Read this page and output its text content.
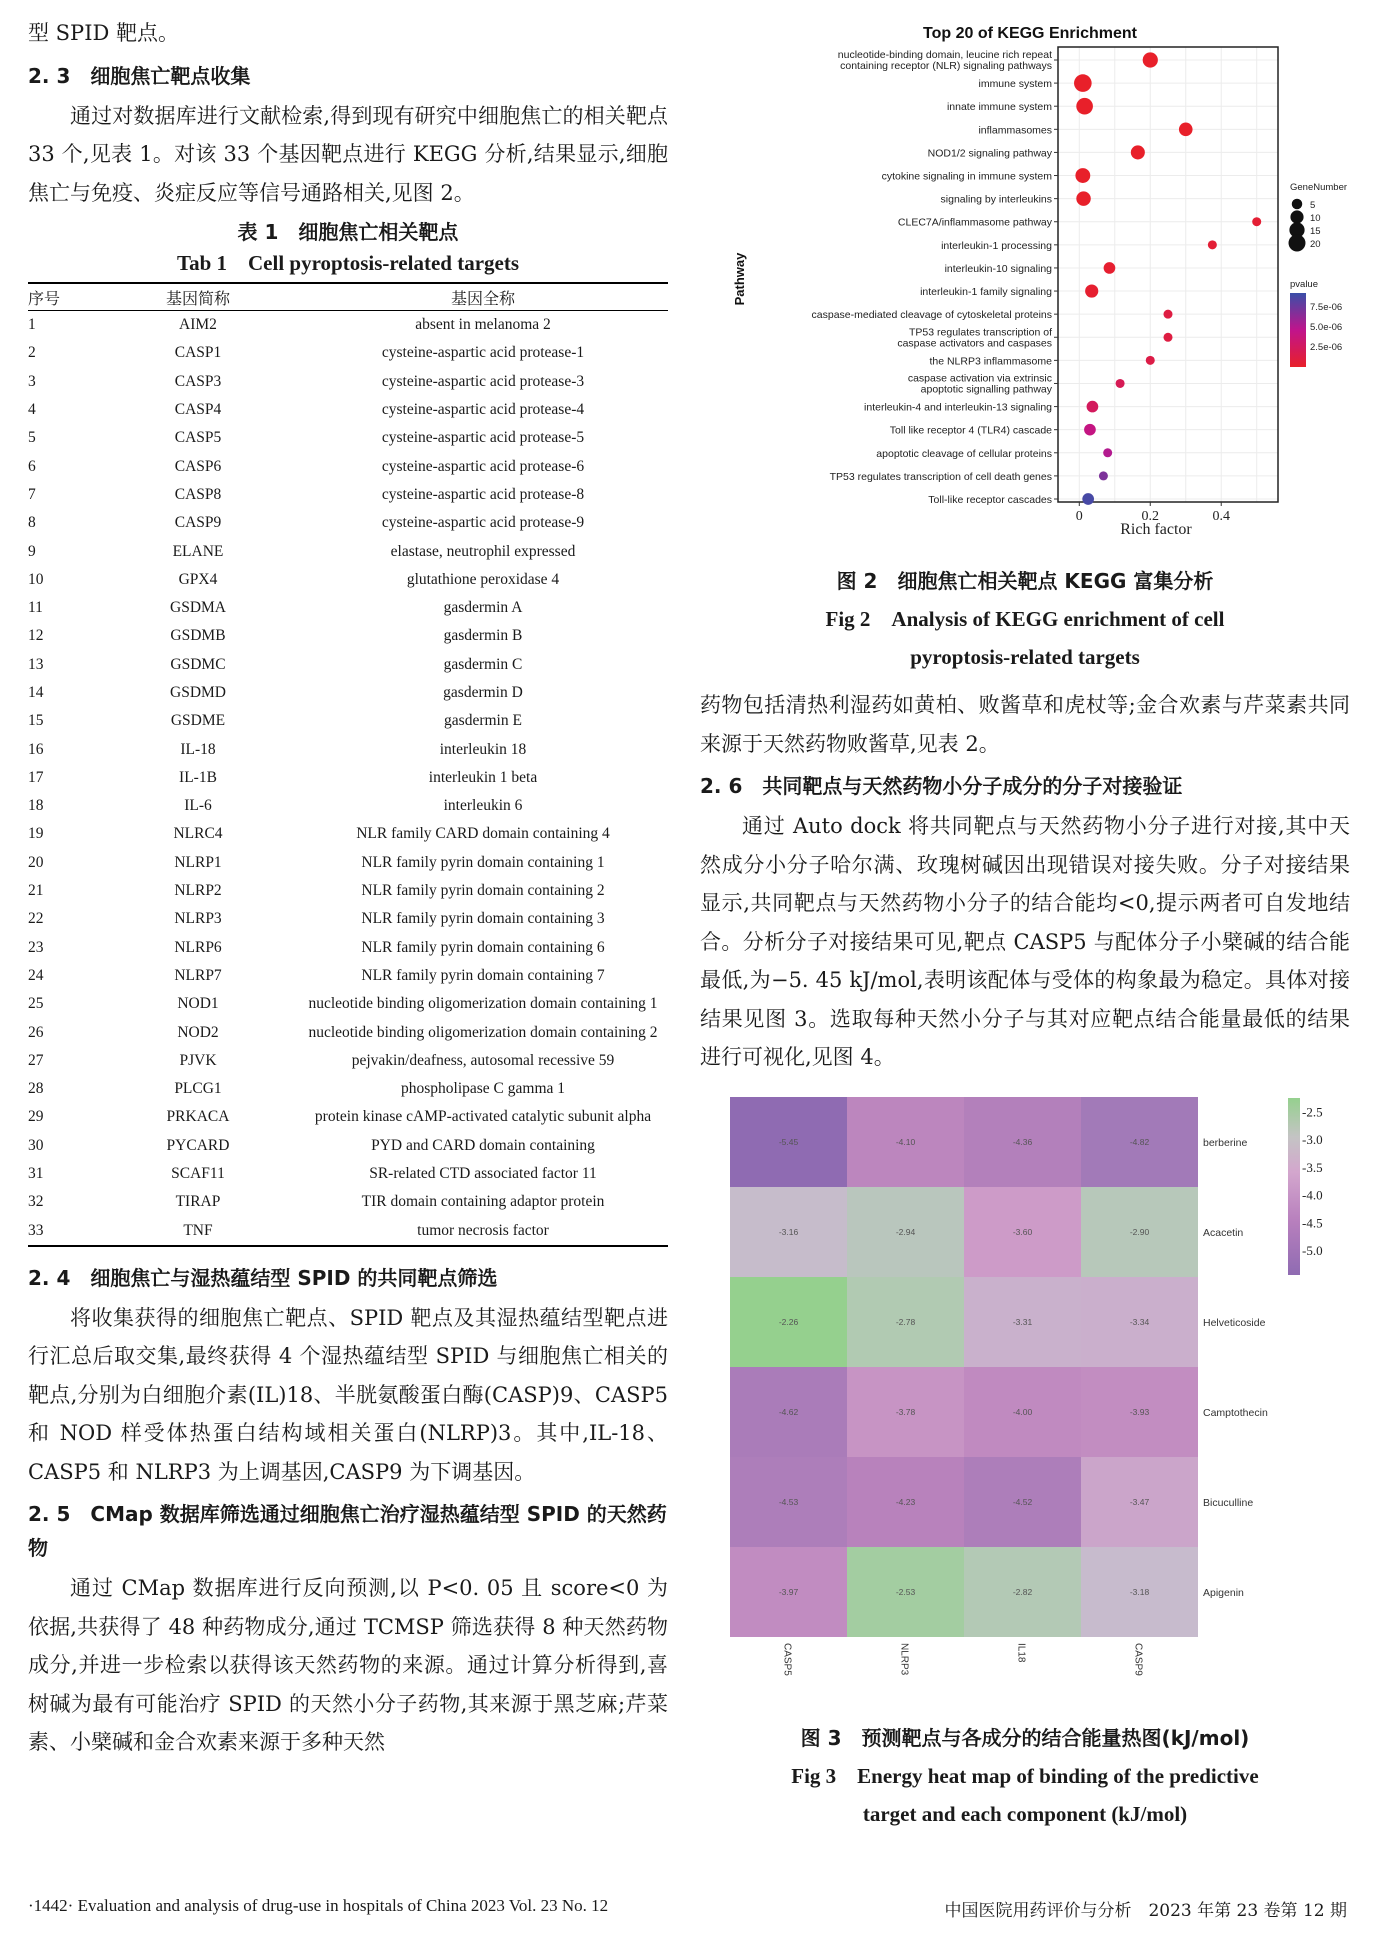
型 SPID 靶点。

2. 3　细胞焦亡靶点收集

通过对数据库进行文献检索,得到现有研究中细胞焦亡的相关靶点 33 个,见表 1。对该 33 个基因靶点进行 KEGG 分析,结果显示,细胞焦亡与免疫、炎症反应等信号通路相关,见图 2。

表 1　细胞焦亡相关靶点
Tab 1　Cell pyroptosis-related targets
序号	基因简称	基因全称
1	AIM2	absent in melanoma 2
2	CASP1	cysteine-aspartic acid protease-1
3	CASP3	cysteine-aspartic acid protease-3
4	CASP4	cysteine-aspartic acid protease-4
5	CASP5	cysteine-aspartic acid protease-5
6	CASP6	cysteine-aspartic acid protease-6
7	CASP8	cysteine-aspartic acid protease-8
8	CASP9	cysteine-aspartic acid protease-9
9	ELANE	elastase, neutrophil expressed
10	GPX4	glutathione peroxidase 4
11	GSDMA	gasdermin A
12	GSDMB	gasdermin B
13	GSDMC	gasdermin C
14	GSDMD	gasdermin D
15	GSDME	gasdermin E
16	IL-18	interleukin 18
17	IL-1B	interleukin 1 beta
18	IL-6	interleukin 6
19	NLRC4	NLR family CARD domain containing 4
20	NLRP1	NLR family pyrin domain containing 1
21	NLRP2	NLR family pyrin domain containing 2
22	NLRP3	NLR family pyrin domain containing 3
23	NLRP6	NLR family pyrin domain containing 6
24	NLRP7	NLR family pyrin domain containing 7
25	NOD1	nucleotide binding oligomerization domain containing 1
26	NOD2	nucleotide binding oligomerization domain containing 2
27	PJVK	pejvakin/deafness, autosomal recessive 59
28	PLCG1	phospholipase C gamma 1
29	PRKACA	protein kinase cAMP-activated catalytic subunit alpha
30	PYCARD	PYD and CARD domain containing
31	SCAF11	SR-related CTD associated factor 11
32	TIRAP	TIR domain containing adaptor protein
33	TNF	tumor necrosis factor
2. 4　细胞焦亡与湿热蕴结型 SPID 的共同靶点筛选

将收集获得的细胞焦亡靶点、SPID 靶点及其湿热蕴结型靶点进行汇总后取交集,最终获得 4 个湿热蕴结型 SPID 与细胞焦亡相关的靶点,分别为白细胞介素(IL)18、半胱氨酸蛋白酶(CASP)9、CASP5 和 NOD 样受体热蛋白结构域相关蛋白(NLRP)3。其中,IL-18、CASP5 和 NLRP3 为上调基因,CASP9 为下调基因。

2. 5　CMap 数据库筛选通过细胞焦亡治疗湿热蕴结型 SPID 的天然药物

通过 CMap 数据库进行反向预测,以 P<0. 05 且 score<0 为依据,共获得了 48 种药物成分,通过 TCMSP 筛选获得 8 种天然药物成分,并进一步检索以获得该天然药物的来源。通过计算分析得到,喜树碱为最有可能治疗 SPID 的天然小分子药物,其来源于黑芝麻;芹菜素、小檗碱和金合欢素来源于多种天然

Top 20 of KEGG Enrichment
nucleotide-binding domain, leucine rich repeat
containing receptor (NLR) signaling pathways
immune system
innate immune system
inflammasomes
NOD1/2 signaling pathway
cytokine signaling in immune system
signaling by interleukins
CLEC7A/inflammasome pathway
interleukin-1 processing
interleukin-10 signaling
interleukin-1 family signaling
caspase-mediated cleavage of cytoskeletal proteins
TP53 regulates transcription of
caspase activators and caspases
the NLRP3 inflammasome
caspase activation via extrinsic
apoptotic signalling pathway
interleukin-4 and interleukin-13 signaling
Toll like receptor 4 (TLR4) cascade
apoptotic cleavage of cellular proteins
TP53 regulates transcription of cell death genes
Toll-like receptor cascades
0	0.2	0.4
Rich factor
Pathway
GeneNumber
5
10
15
20
pvalue
7.5e-06
5.0e-06
2.5e-06
图 2　细胞焦亡相关靶点 KEGG 富集分析
Fig 2　Analysis of KEGG enrichment of cell
pyroptosis-related targets

药物包括清热利湿药如黄柏、败酱草和虎杖等;金合欢素与芹菜素共同来源于天然药物败酱草,见表 2。

2. 6　共同靶点与天然药物小分子成分的分子对接验证

通过 Auto dock 将共同靶点与天然药物小分子进行对接,其中天然成分小分子哈尔满、玫瑰树碱因出现错误对接失败。分子对接结果显示,共同靶点与天然药物小分子的结合能均<0,提示两者可自发地结合。分析分子对接结果可见,靶点 CASP5 与配体分子小檗碱的结合能最低,为−5. 45 kJ/mol,表明该配体与受体的构象最为稳定。具体对接结果见图 3。选取每种天然小分子与其对应靶点结合能量最低的结果进行可视化,见图 4。

-5.45	-4.10	-4.36	-4.82
-3.16	-2.94	-3.60	-2.90
-2.26	-2.78	-3.31	-3.34
-4.62	-3.78	-4.00	-3.93
-4.53	-4.23	-4.52	-3.47
-3.97	-2.53	-2.82	-3.18
berberine
Acacetin
Helveticoside
Camptothecin
Bicuculline
Apigenin
CASP5	NLRP3	IL18	CASP9
-2.5
-3.0
-3.5
-4.0
-4.5
-5.0
图 3　预测靶点与各成分的结合能量热图(kJ/mol)
Fig 3　Energy heat map of binding of the predictive
target and each component (kJ/mol)
·1442· Evaluation and analysis of drug-use in hospitals of China 2023 Vol. 23 No. 12	中国医院用药评价与分析　2023 年第 23 卷第 12 期
